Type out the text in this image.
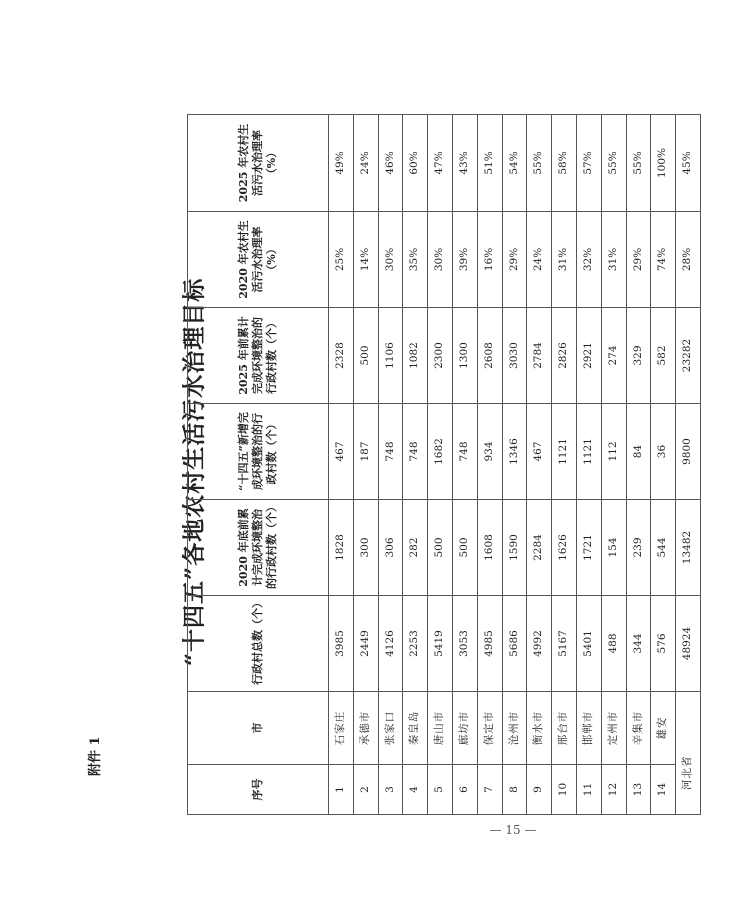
附件 1
“十四五”各地农村生活污水治理目标
序号	市	行政村总数（个）	2020 年底前累计完成环境整治的行政村数（个）	“十四五”新增完成环境整治的行政村数（个）	2025 年前累计完成环境整治的行政村数（个）	2020 年农村生活污水治理率（%）	2025 年农村生活污水治理率（%）
1	石家庄	3985	1828	467	2328	25%	49%
2	承德市	2449	300	187	500	14%	24%
3	张家口	4126	306	748	1106	30%	46%
4	秦皇岛	2253	282	748	1082	35%	60%
5	唐山市	5419	500	1682	2300	30%	47%
6	廊坊市	3053	500	748	1300	39%	43%
7	保定市	4985	1608	934	2608	16%	51%
8	沧州市	5686	1590	1346	3030	29%	54%
9	衡水市	4992	2284	467	2784	24%	55%
10	邢台市	5167	1626	1121	2826	31%	58%
11	邯郸市	5401	1721	1121	2921	32%	57%
12	定州市	488	154	112	274	31%	55%
13	辛集市	344	239	84	329	29%	55%
14	雄安	576	544	36	582	74%	100%
河北省		48924	13482	9800	23282	28%	45%
— 15 —
